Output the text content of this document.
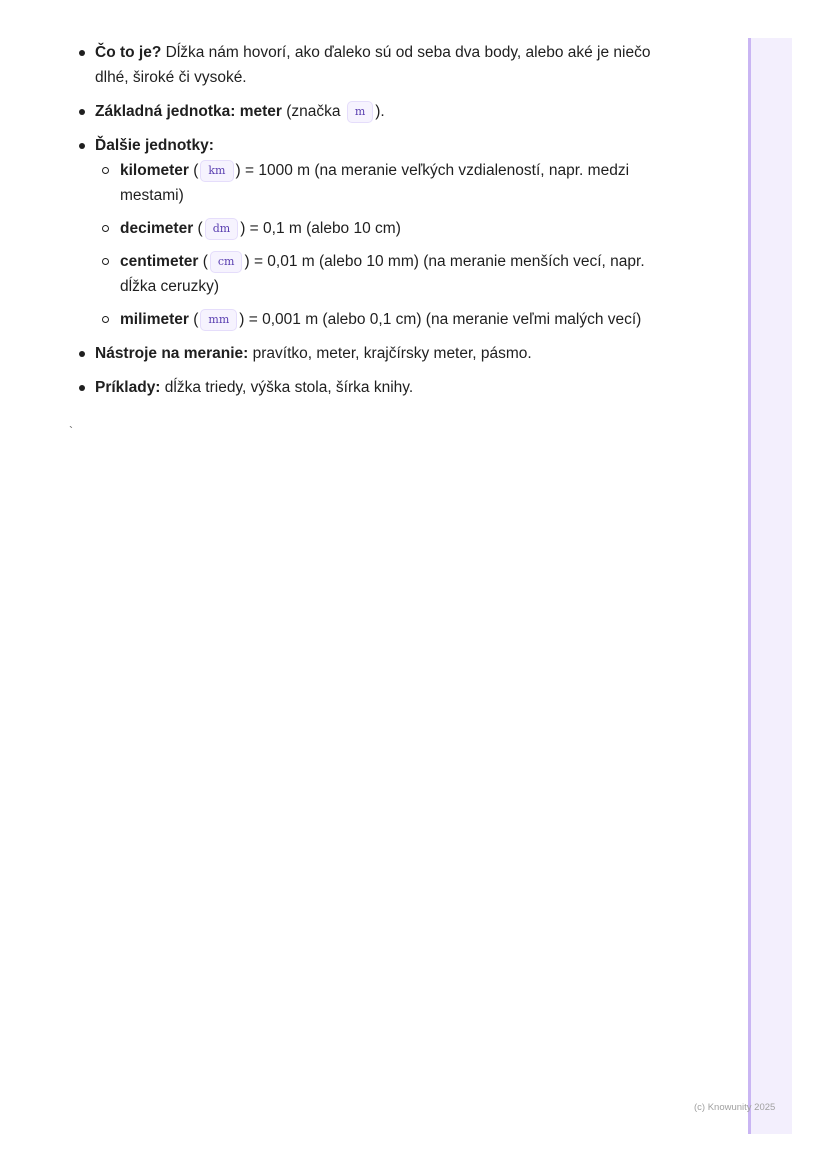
Čo to je? Dĺžka nám hovorí, ako ďaleko sú od seba dva body, alebo aké je niečo dlhé, široké či vysoké.
Základná jednotka: meter (značka m ).
Ďalšie jednotky:
kilometer ( km ) = 1000 m (na meranie veľkých vzdialeností, napr. medzi mestami)
decimeter ( dm ) = 0,1 m (alebo 10 cm)
centimeter ( cm ) = 0,01 m (alebo 10 mm) (na meranie menších vecí, napr. dĺžka ceruzky)
milimeter ( mm ) = 0,001 m (alebo 0,1 cm) (na meranie veľmi malých vecí)
Nástroje na meranie: pravítko, meter, krajčírsky meter, pásmo.
Príklady: dĺžka triedy, výška stola, šírka knihy.
`
(c) Knowunity 2025
